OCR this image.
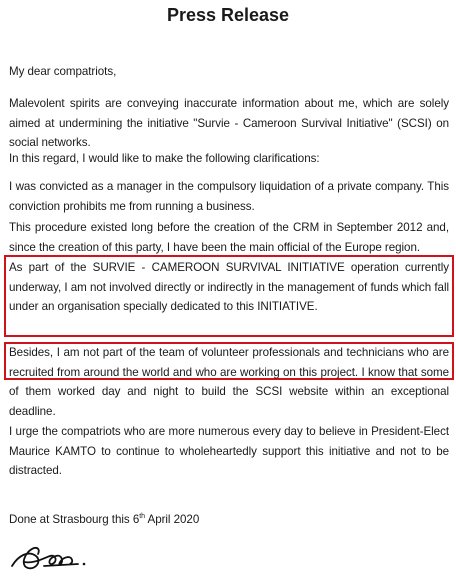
Press Release

My dear compatriots,

Malevolent spirits are conveying inaccurate information about me, which are solely aimed at undermining the initiative "Survie - Cameroon Survival Initiative" (SCSI) on social networks.

In this regard, I would like to make the following clarifications:

I was convicted as a manager in the compulsory liquidation of a private company. This conviction prohibits me from running a business.

This procedure existed long before the creation of the CRM in September 2012 and, since the creation of this party, I have been the main official of the Europe region.

As part of the SURVIE - CAMEROON SURVIVAL INITIATIVE operation currently underway, I am not involved directly or indirectly in the management of funds which fall under an organisation specially dedicated to this INITIATIVE.

Besides, I am not part of the team of volunteer professionals and technicians who are recruited from around the world and who are working on this project. I know that some of them worked day and night to build the SCSI website within an exceptional deadline.

I urge the compatriots who are more numerous every day to believe in President-Elect Maurice KAMTO to continue to wholeheartedly support this initiative and not to be distracted.

Done at Strasbourg this 6th April 2020
